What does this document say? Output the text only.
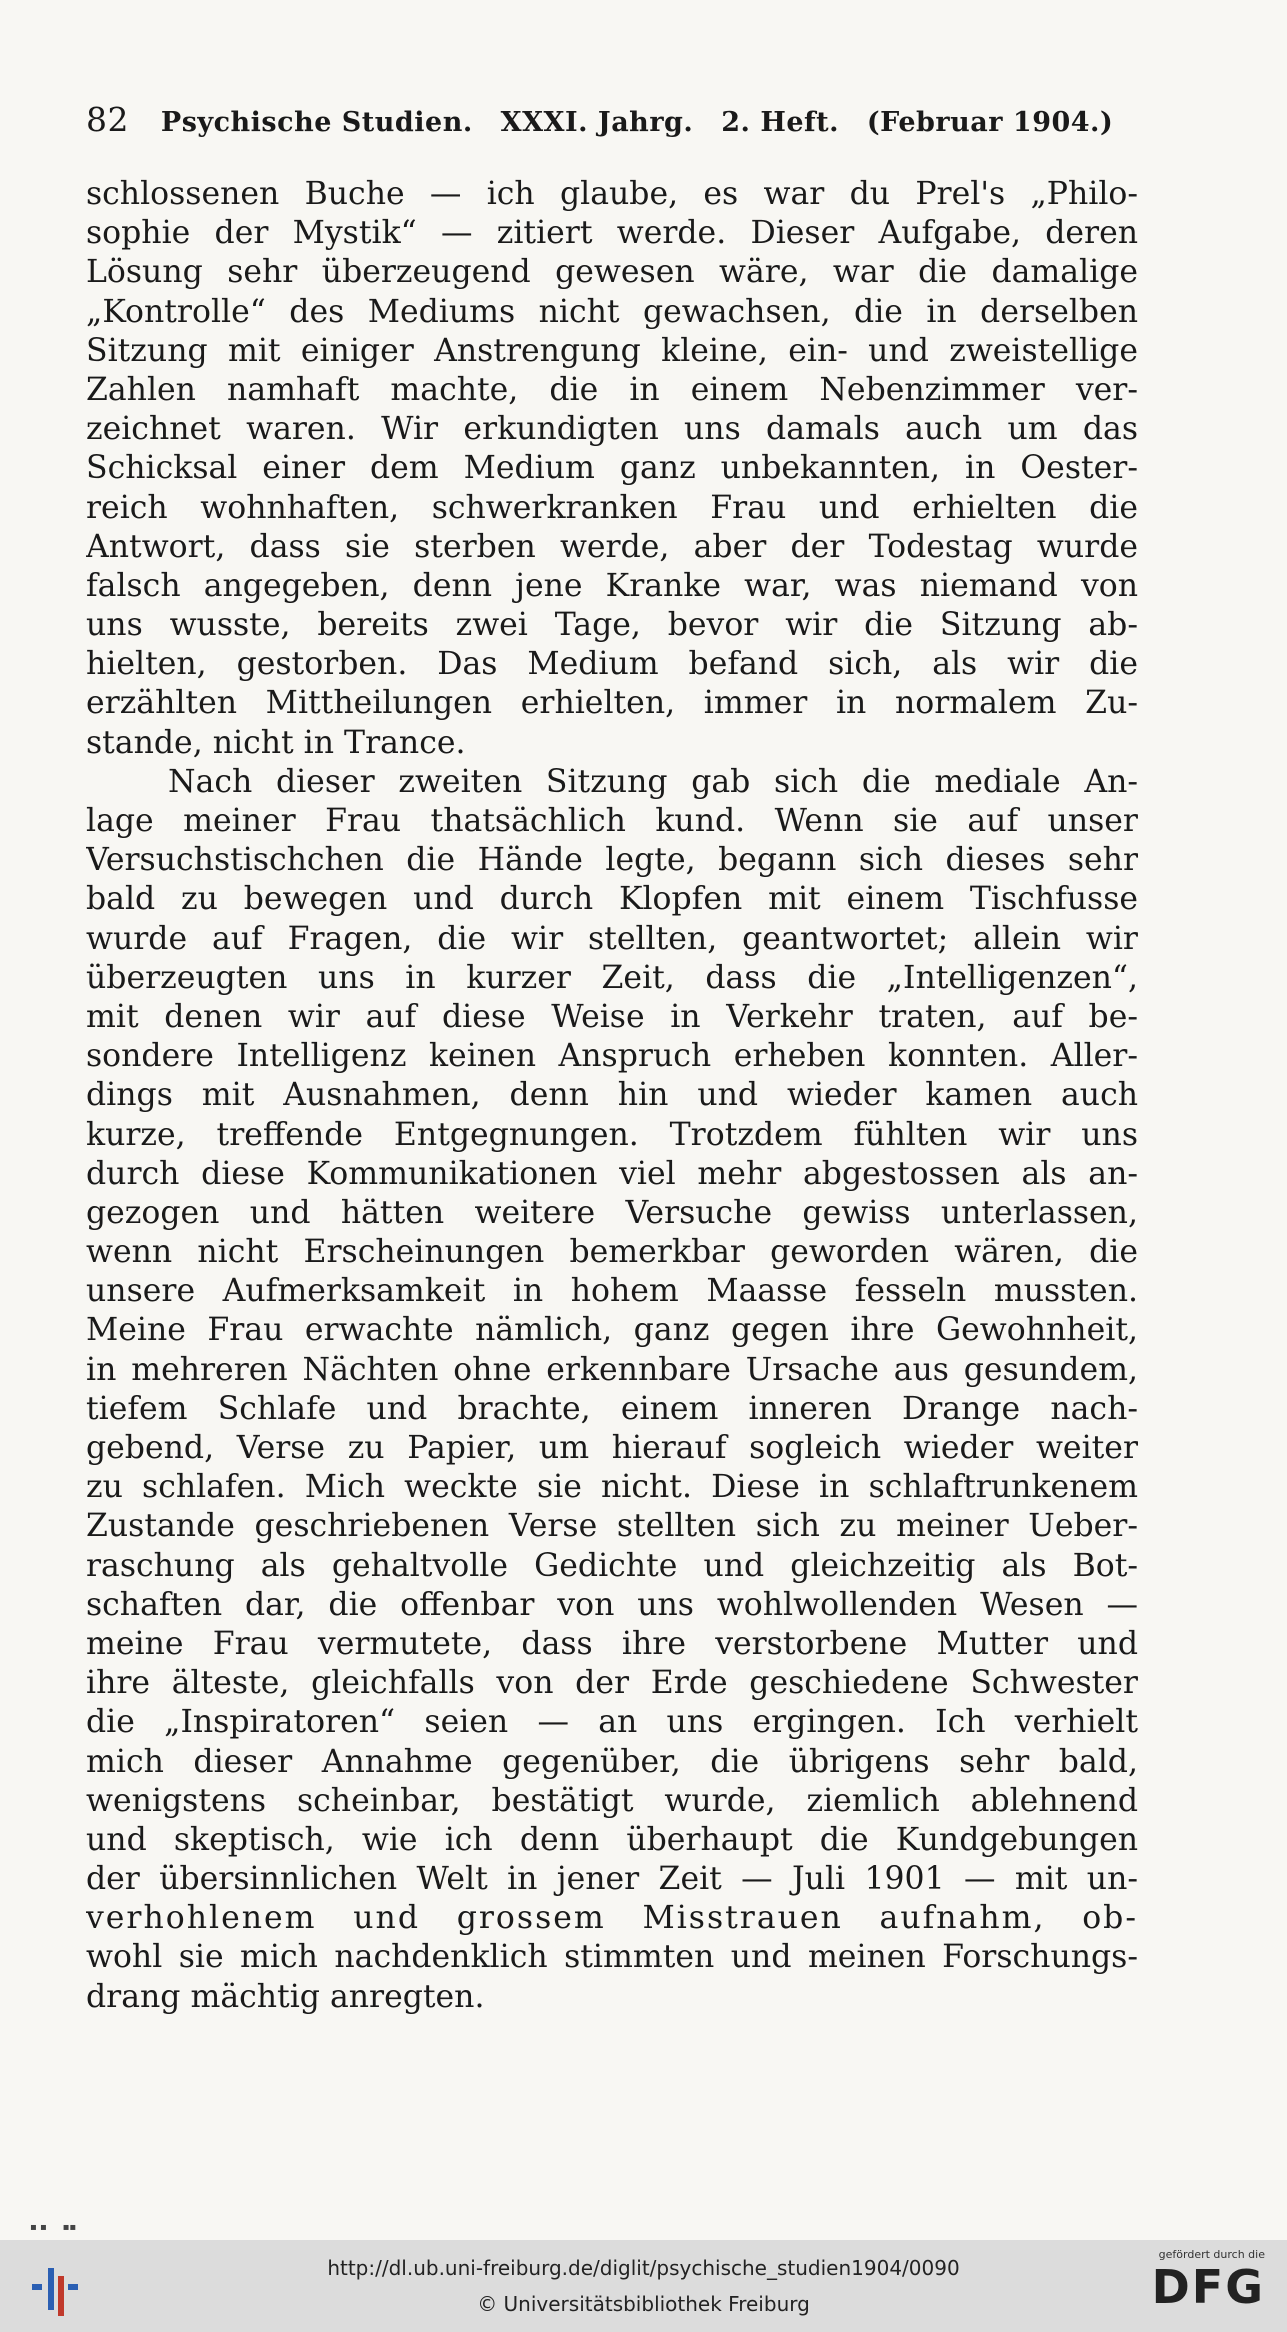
82 Psychische Studien. XXXI. Jahrg. 2. Heft. (Februar 1904.)
schlossenen Buche — ich glaube, es war du Prel's „Philo-
sophie der Mystik“ — zitiert werde. Dieser Aufgabe, deren
Lösung sehr überzeugend gewesen wäre, war die damalige
„Kontrolle“ des Mediums nicht gewachsen, die in derselben
Sitzung mit einiger Anstrengung kleine, ein- und zweistellige
Zahlen namhaft machte, die in einem Nebenzimmer ver-
zeichnet waren. Wir erkundigten uns damals auch um das
Schicksal einer dem Medium ganz unbekannten, in Oester-
reich wohnhaften, schwerkranken Frau und erhielten die
Antwort, dass sie sterben werde, aber der Todestag wurde
falsch angegeben, denn jene Kranke war, was niemand von
uns wusste, bereits zwei Tage, bevor wir die Sitzung ab-
hielten, gestorben. Das Medium befand sich, als wir die
erzählten Mittheilungen erhielten, immer in normalem Zu-
stande, nicht in Trance.
Nach dieser zweiten Sitzung gab sich die mediale An-
lage meiner Frau thatsächlich kund. Wenn sie auf unser
Versuchstischchen die Hände legte, begann sich dieses sehr
bald zu bewegen und durch Klopfen mit einem Tischfusse
wurde auf Fragen, die wir stellten, geantwortet; allein wir
überzeugten uns in kurzer Zeit, dass die „Intelligenzen“,
mit denen wir auf diese Weise in Verkehr traten, auf be-
sondere Intelligenz keinen Anspruch erheben konnten. Aller-
dings mit Ausnahmen, denn hin und wieder kamen auch
kurze, treffende Entgegnungen. Trotzdem fühlten wir uns
durch diese Kommunikationen viel mehr abgestossen als an-
gezogen und hätten weitere Versuche gewiss unterlassen,
wenn nicht Erscheinungen bemerkbar geworden wären, die
unsere Aufmerksamkeit in hohem Maasse fesseln mussten.
Meine Frau erwachte nämlich, ganz gegen ihre Gewohnheit,
in mehreren Nächten ohne erkennbare Ursache aus gesundem,
tiefem Schlafe und brachte, einem inneren Drange nach-
gebend, Verse zu Papier, um hierauf sogleich wieder weiter
zu schlafen. Mich weckte sie nicht. Diese in schlaftrunkenem
Zustande geschriebenen Verse stellten sich zu meiner Ueber-
raschung als gehaltvolle Gedichte und gleichzeitig als Bot-
schaften dar, die offenbar von uns wohlwollenden Wesen —
meine Frau vermutete, dass ihre verstorbene Mutter und
ihre älteste, gleichfalls von der Erde geschiedene Schwester
die „Inspiratoren“ seien — an uns ergingen. Ich verhielt
mich dieser Annahme gegenüber, die übrigens sehr bald,
wenigstens scheinbar, bestätigt wurde, ziemlich ablehnend
und skeptisch, wie ich denn überhaupt die Kundgebungen
der übersinnlichen Welt in jener Zeit — Juli 1901 — mit un-
verhohlenem und grossem Misstrauen aufnahm, ob-
wohl sie mich nachdenklich stimmten und meinen Forschungs-
drang mächtig anregten.
▪ ▪     ▪▪
http://dl.ub.uni-freiburg.de/diglit/psychische_studien1904/0090
© Universitätsbibliothek Freiburg
gefördert durch die
DFG
